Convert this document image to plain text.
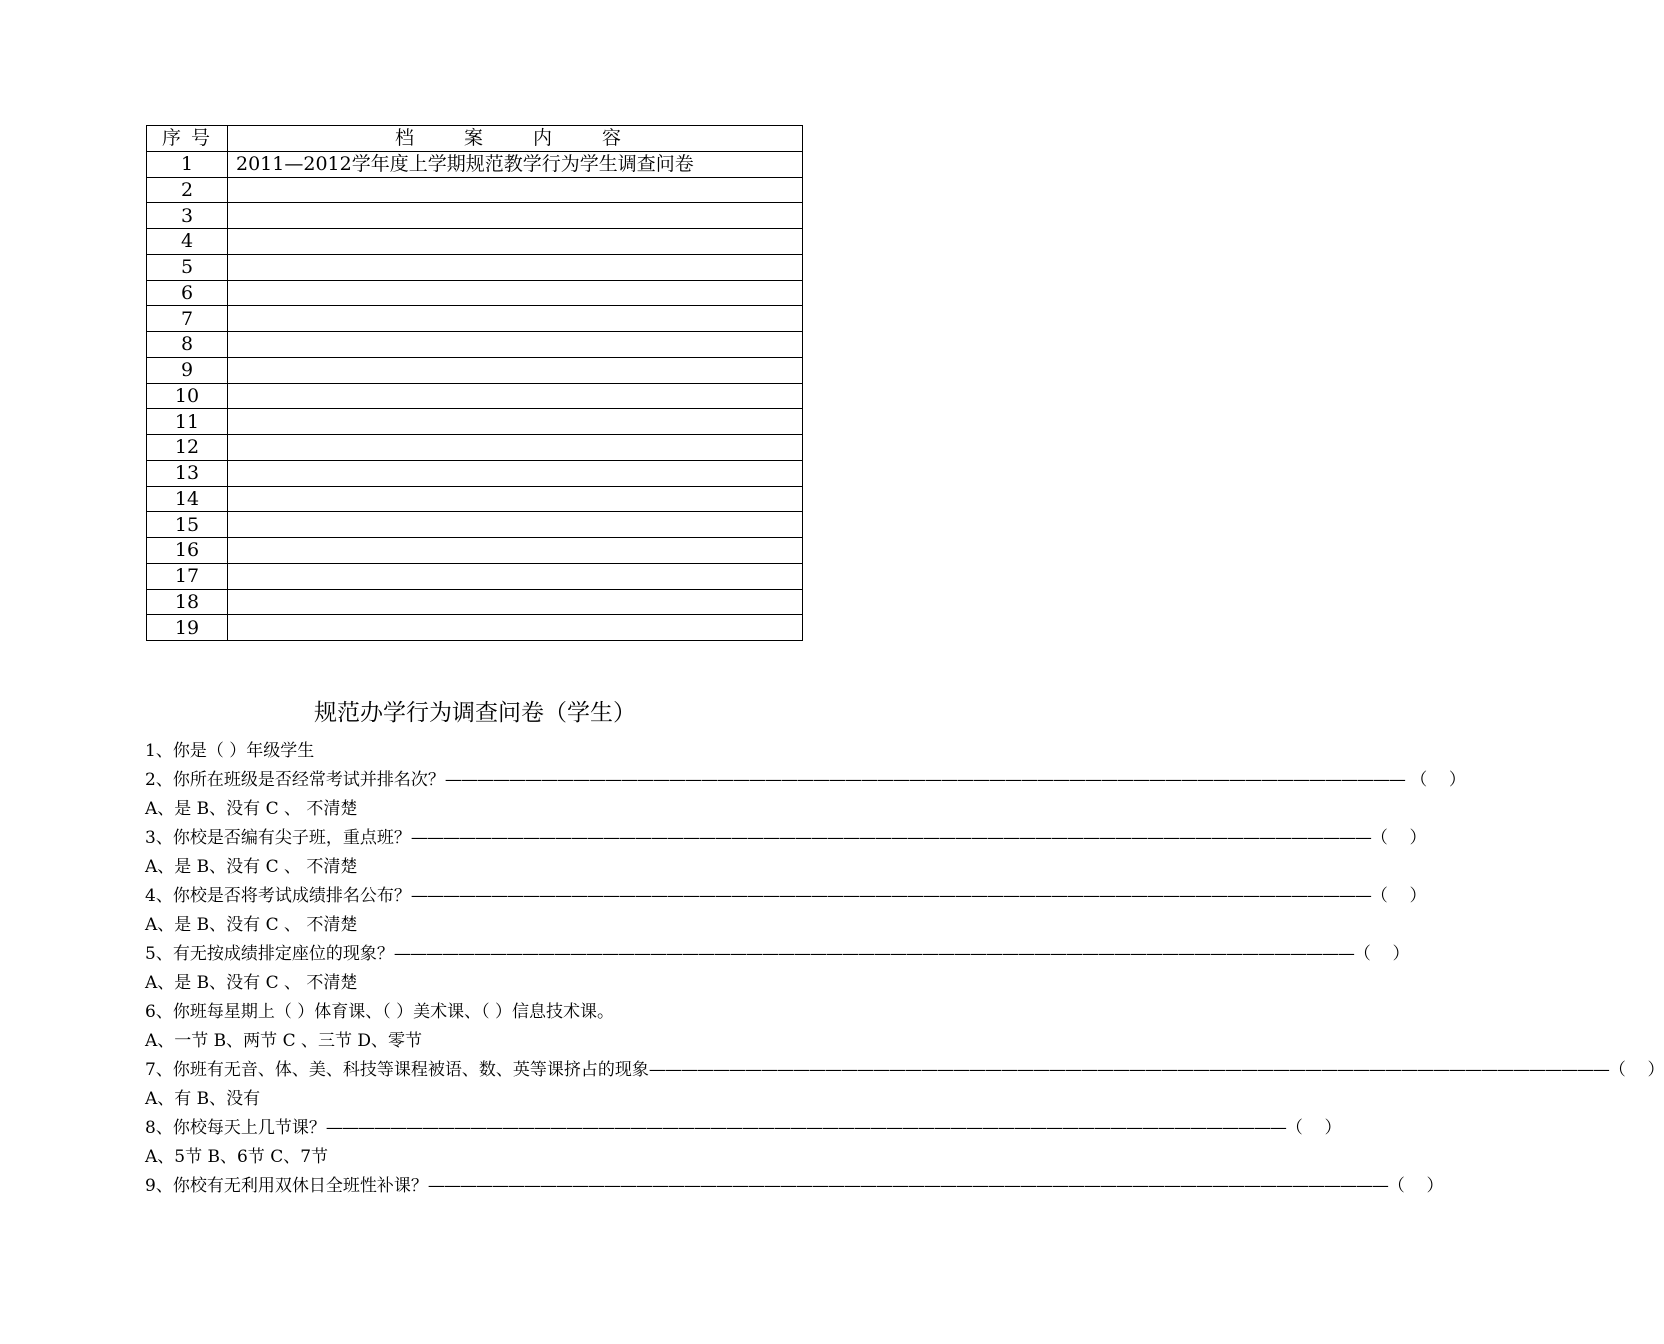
序 号	档 案 内 容
1	2011—2012学年度上学期规范教学行为学生调查问卷
2	
3	
4	
5	
6	
7	
8	
9	
10	
11	
12	
13	
14	
15	
16	
17	
18	
19	
规范办学行为调查问卷（学生）
1、你是（ ）年级学生
2、你所在班级是否经常考试并排名次？ ———————————————————————————————————————————————————————————— （    ）
A、是 B、没有 C 、 不清楚
3、你校是否编有尖子班，重点班？ ———————————————————————————————————————————————————————————— （    ）
A、是 B、没有 C 、 不清楚
4、你校是否将考试成绩排名公布？ ———————————————————————————————————————————————————————————— （    ）
A、是 B、没有 C 、 不清楚
5、有无按成绩排定座位的现象？ ———————————————————————————————————————————————————————————— （    ）
A、是 B、没有 C 、 不清楚
6、你班每星期上（ ）体育课、（ ）美术课、（ ）信息技术课。
A、一节 B、两节 C 、三节 D、零节
7、你班有无音、体、美、科技等课程被语、数、英等课挤占的现象 ———————————————————————————————————————————————————————————— （    ）
A、有 B、没有
8、你校每天上几节课？ ———————————————————————————————————————————————————————————— （    ）
A、5节 B、6节 C、7节
9、你校有无利用双休日全班性补课？ ———————————————————————————————————————————————————————————— （    ）
